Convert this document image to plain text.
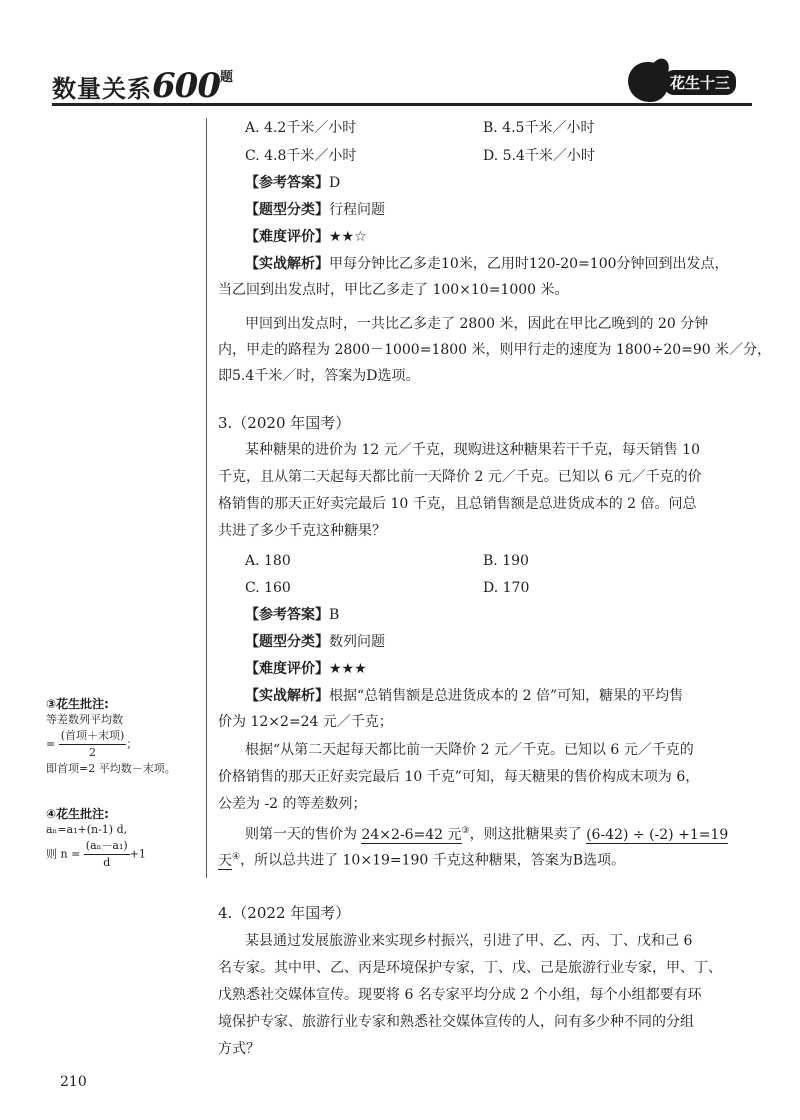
数量关系$600^题$	花生十三
A. 4.2千米／小时	B. 4.5千米／小时
C. 4.8千米／小时	D. 5.4千米／小时
【参考答案】D
【题型分类】行程问题
【难度评价】★★☆
【实战解析】甲每分钟比乙多走10米，乙用时120-20=100分钟回到出发点，
当乙回到出发点时，甲比乙多走了 100×10=1000 米。
甲回到出发点时，一共比乙多走了 2800 米，因此在甲比乙晚到的 20 分钟
内，甲走的路程为 2800－1000=1800 米，则甲行走的速度为 1800÷20=90 米／分，
即5.4千米／时，答案为D选项。
3.（2020 年国考）
某种糖果的进价为 12 元／千克，现购进这种糖果若干千克，每天销售 10
千克，且从第二天起每天都比前一天降价 2 元／千克。已知以 6 元／千克的价
格销售的那天正好卖完最后 10 千克，且总销售额是总进货成本的 2 倍。问总
共进了多少千克这种糖果？
A. 180	B. 190
C. 160	D. 170
【参考答案】B
【题型分类】数列问题
【难度评价】★★★
【实战解析】根据“总销售额是总进货成本的 2 倍”可知，糖果的平均售
价为 12×2=24 元／千克；
根据“从第二天起每天都比前一天降价 2 元／千克。已知以 6 元／千克的
价格销售的那天正好卖完最后 10 千克”可知，每天糖果的售价构成末项为 6，
公差为 -2 的等差数列；
则第一天的售价为 24×2-6=42 元③，则这批糖果卖了 (6-42) ÷ (-2) +1=19
天④，所以总共进了 10×19=190 千克这种糖果，答案为B选项。
③花生批注:
等差数列平均数
= $\frac{\text{(首项＋末项)}}{2}$ ；
即首项=2 平均数－末项。
④花生批注:
aₙ=a₁+(n-1) d,
则 $n = \frac{\text{(aₙ－a₁)}}{d} +1$
4.（2022 年国考）
某县通过发展旅游业来实现乡村振兴，引进了甲、乙、丙、丁、戊和己 6
名专家。其中甲、乙、丙是环境保护专家，丁、戊、己是旅游行业专家，甲、丁、
戊熟悉社交媒体宣传。现要将 6 名专家平均分成 2 个小组，每个小组都要有环
境保护专家、旅游行业专家和熟悉社交媒体宣传的人，问有多少种不同的分组
方式？
210
